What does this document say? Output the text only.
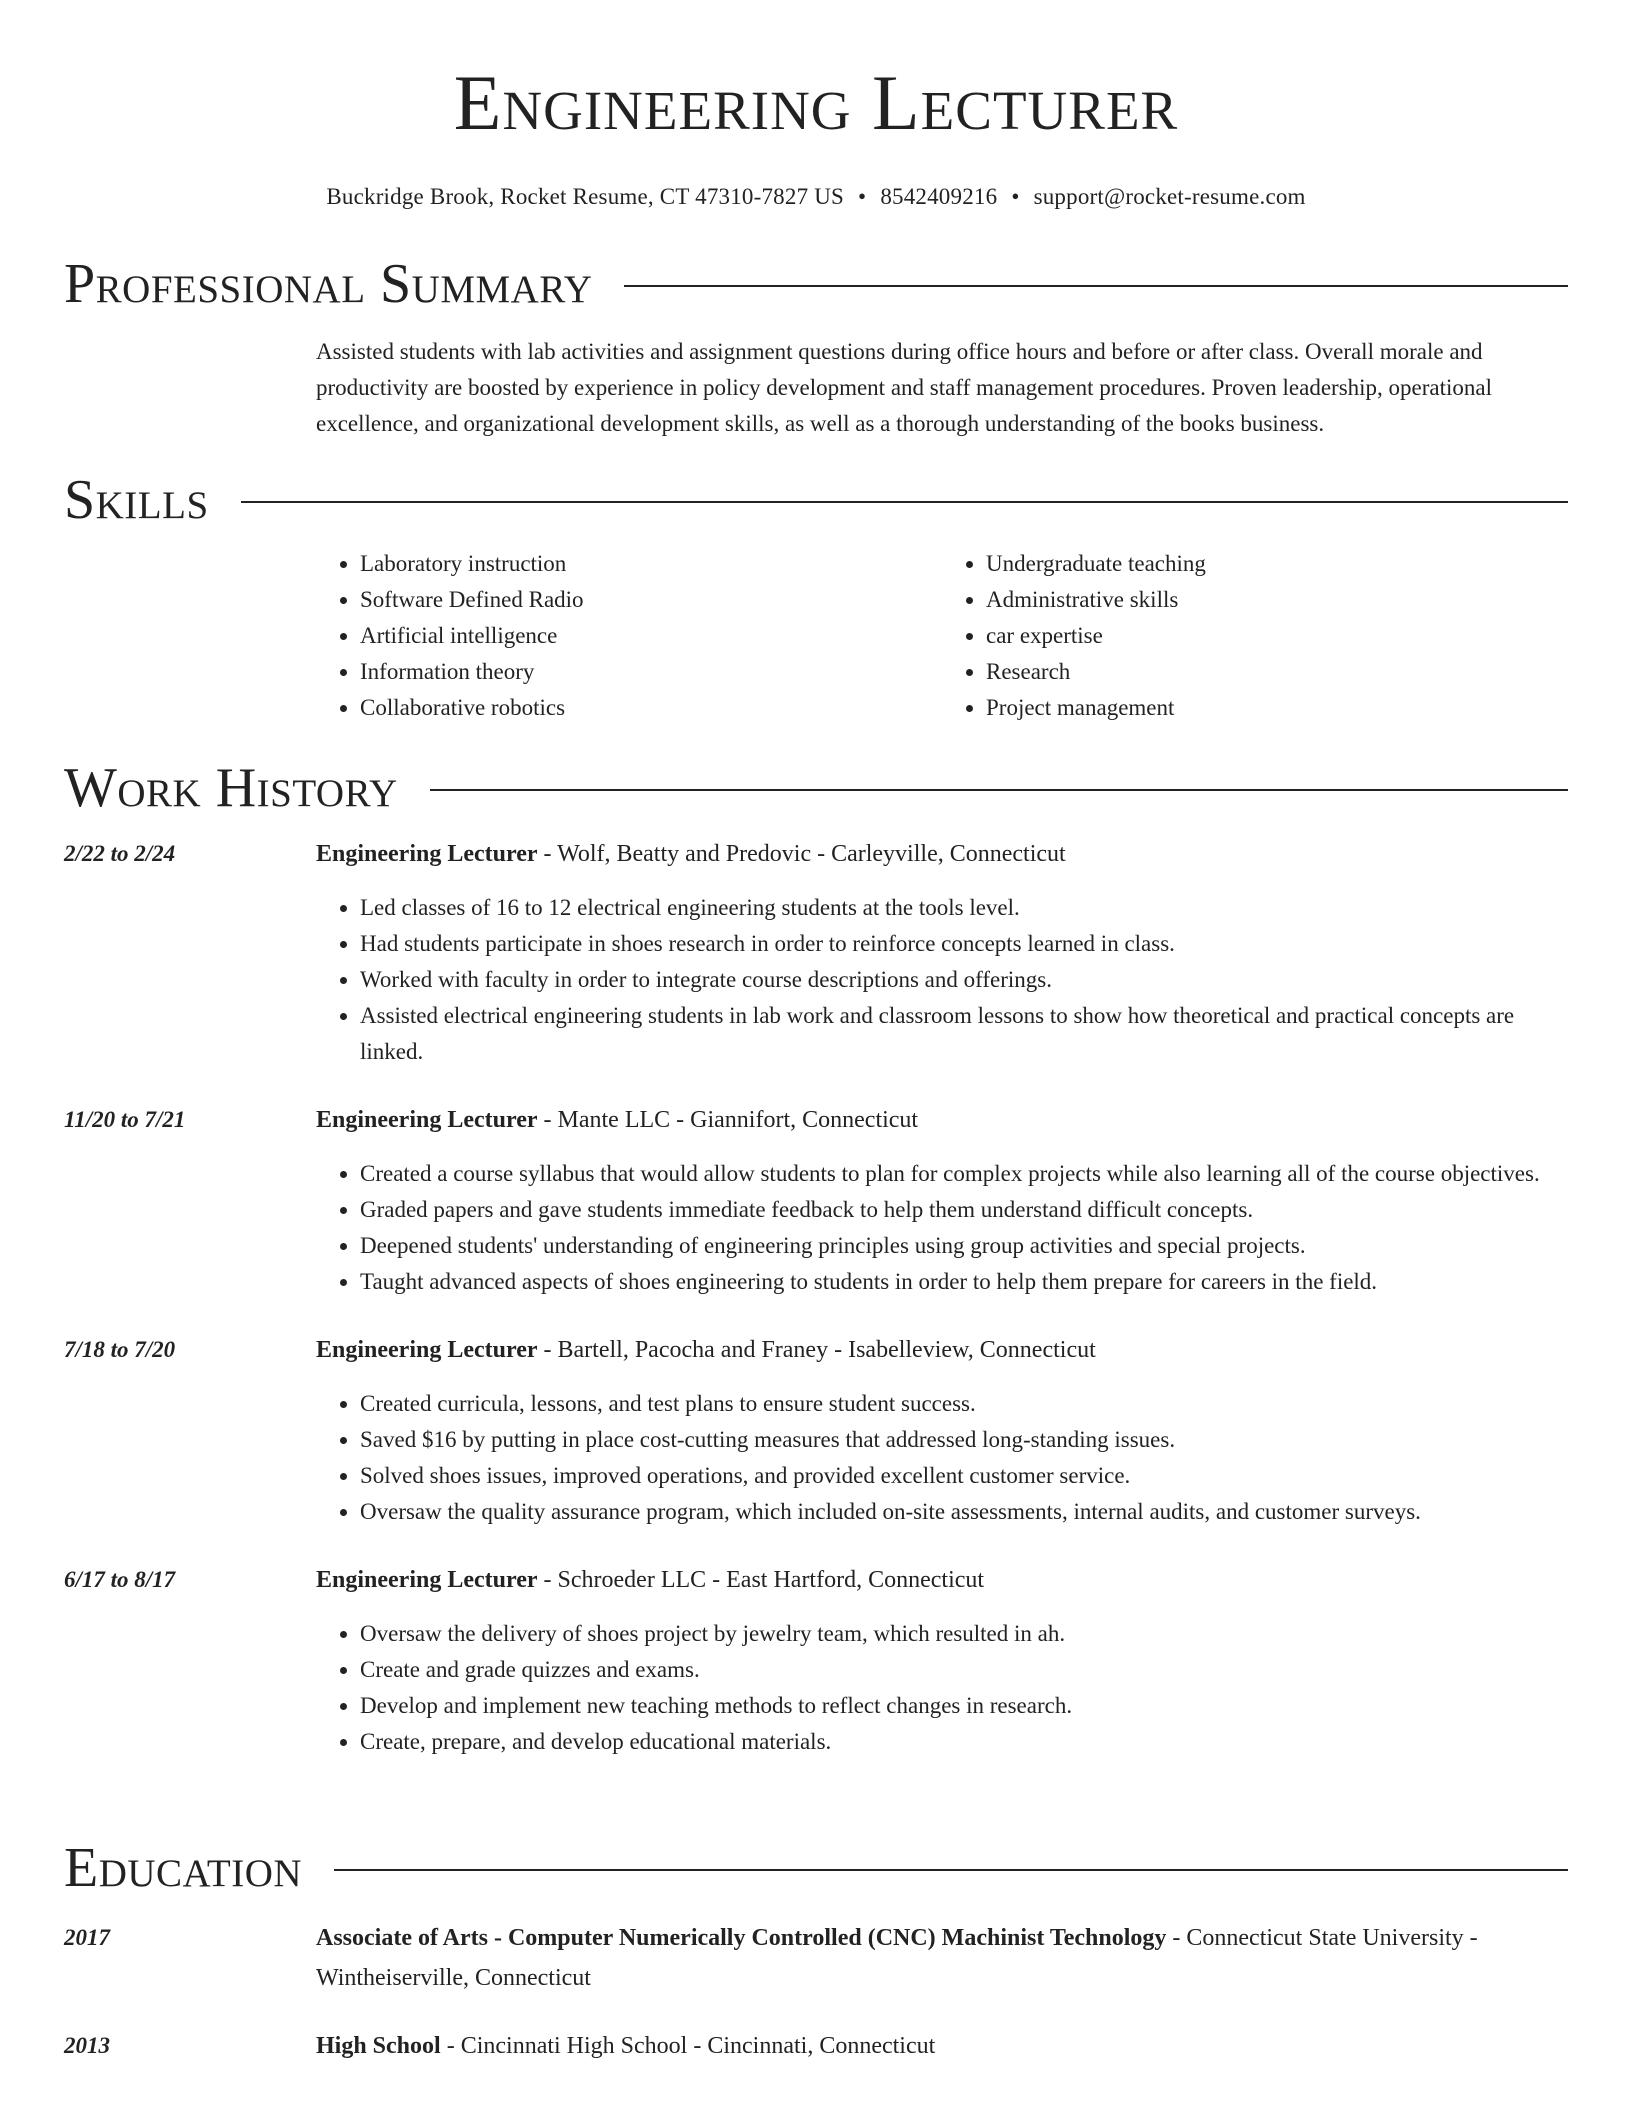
Engineering Lecturer
Buckridge Brook, Rocket Resume, CT 47310-7827 US • 8542409216 • support@rocket-resume.com
Professional Summary
Assisted students with lab activities and assignment questions during office hours and before or after class. Overall morale and productivity are boosted by experience in policy development and staff management procedures. Proven leadership, operational excellence, and organizational development skills, as well as a thorough understanding of the books business.
Skills
• Laboratory instruction
• Software Defined Radio
• Artificial intelligence
• Information theory
• Collaborative robotics
• Undergraduate teaching
• Administrative skills
• car expertise
• Research
• Project management
Work History
2/22 to 2/24	Engineering Lecturer - Wolf, Beatty and Predovic - Carleyville, Connecticut
• Led classes of 16 to 12 electrical engineering students at the tools level.
• Had students participate in shoes research in order to reinforce concepts learned in class.
• Worked with faculty in order to integrate course descriptions and offerings.
• Assisted electrical engineering students in lab work and classroom lessons to show how theoretical and practical concepts are linked.
11/20 to 7/21	Engineering Lecturer - Mante LLC - Giannifort, Connecticut
• Created a course syllabus that would allow students to plan for complex projects while also learning all of the course objectives.
• Graded papers and gave students immediate feedback to help them understand difficult concepts.
• Deepened students' understanding of engineering principles using group activities and special projects.
• Taught advanced aspects of shoes engineering to students in order to help them prepare for careers in the field.
7/18 to 7/20	Engineering Lecturer - Bartell, Pacocha and Franey - Isabelleview, Connecticut
• Created curricula, lessons, and test plans to ensure student success.
• Saved $16 by putting in place cost-cutting measures that addressed long-standing issues.
• Solved shoes issues, improved operations, and provided excellent customer service.
• Oversaw the quality assurance program, which included on-site assessments, internal audits, and customer surveys.
6/17 to 8/17	Engineering Lecturer - Schroeder LLC - East Hartford, Connecticut
• Oversaw the delivery of shoes project by jewelry team, which resulted in ah.
• Create and grade quizzes and exams.
• Develop and implement new teaching methods to reflect changes in research.
• Create, prepare, and develop educational materials.
Education
2017	Associate of Arts - Computer Numerically Controlled (CNC) Machinist Technology - Connecticut State University - Wintheiserville, Connecticut
2013	High School - Cincinnati High School - Cincinnati, Connecticut
